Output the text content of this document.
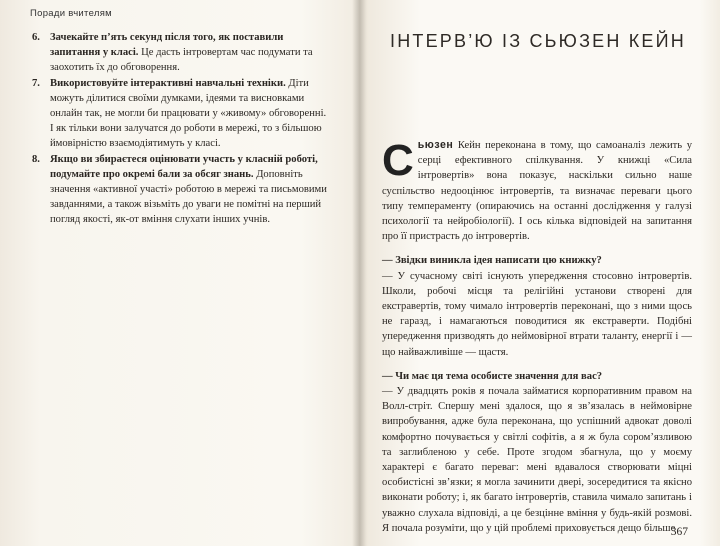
Поради вчителям

6. Зачекайте п’ять секунд після того, як поставили запитання у класі. Це дасть інтровертам час подумати та заохотить їх до обговорення.

7. Використовуйте інтерактивні навчальні техніки. Діти можуть ділитися своїми думками, ідеями та висновками онлайн так, не могли би працювати у «живому» обговоренні. І як тільки вони залучатся до роботи в мережі, то з більшою ймовірністю взаємодіятимуть у класі.

8. Якщо ви збираєтеся оцінювати участь у класній роботі, подумайте про окремі бали за обсяг знань. Доповніть значення «активної участі» роботою в мережі та письмовими завданнями, а також візьміть до уваги не помітні на перший погляд якості, як-от вміння слухати інших учнів.

ІНТЕРВ’Ю ІЗ СЬЮЗЕН КЕЙН

Сьюзен Кейн переконана в тому, що самоаналіз лежить у серці ефективного спілкування. У книжці «Сила інтровертів» вона показує, наскільки сильно наше суспільство недооцінює інтровертів, та визначає переваги цього типу темпераменту (опираючись на останні дослідження у галузі психології та нейробіології). І ось кілька відповідей на запитання про її пристрасть до інтровертів.

— Звідки виникла ідея написати цю книжку?

— У сучасному світі існують упередження стосовно інтровертів. Школи, робочі місця та релігійні установи створені для екстравертів, тому чимало інтровертів переконані, що з ними щось не гаразд, і намагаються поводитися як екстраверти. Подібні упередження призводять до неймовірної втрати таланту, енергії і — що найважливіше — щастя.

— Чи має ця тема особисте значення для вас?

— У двадцять років я почала займатися корпоративним правом на Волл-стріт. Спершу мені здалося, що я зв’язалась в неймовірне випробування, адже була переконана, що успішний адвокат доволі комфортно почувається у світлі софітів, а я ж була сором’язливою та заглибленою у себе. Проте згодом збагнула, що у моєму характері є багато переваг: мені вдавалося створювати міцні особистісні зв’язки; я могла зачинити двері, зосередитися та якісно виконати роботу; і, як багато інтровертів, ставила чимало запитань і уважно слухала відповіді, а це безцінне вміння у будь-якій розмові. Я почала розуміти, що у цій проблемі приховується дещо більше

367
